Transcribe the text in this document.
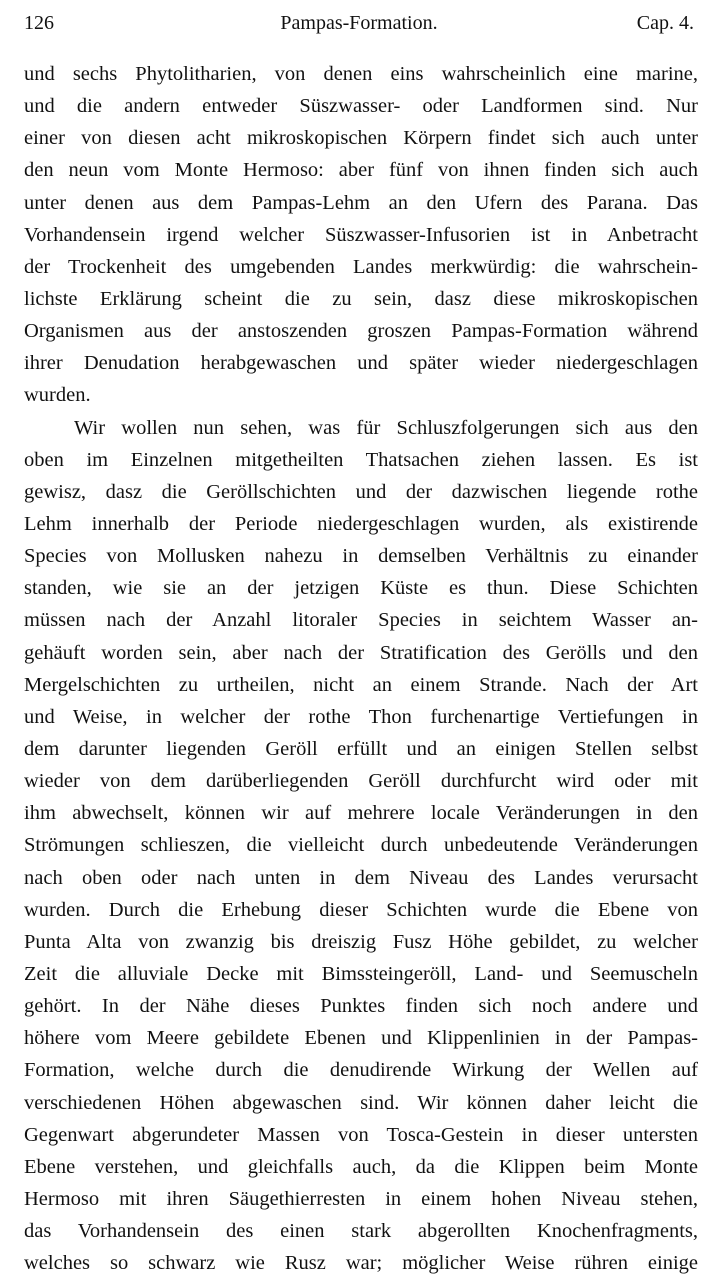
126	Pampas-Formation.	Cap. 4.
und sechs Phytolitharien, von denen eins wahrscheinlich eine marine,
und die andern entweder Süszwasser- oder Landformen sind. Nur
einer von diesen acht mikroskopischen Körpern findet sich auch unter
den neun vom Monte Hermoso: aber fünf von ihnen finden sich auch
unter denen aus dem Pampas-Lehm an den Ufern des Parana. Das
Vorhandensein irgend welcher Süszwasser-Infusorien ist in Anbetracht
der Trockenheit des umgebenden Landes merkwürdig: die wahrschein-
lichste Erklärung scheint die zu sein, dasz diese mikroskopischen
Organismen aus der anstoszenden groszen Pampas-Formation während
ihrer Denudation herabgewaschen und später wieder niedergeschlagen
wurden.
Wir wollen nun sehen, was für Schluszfolgerungen sich aus den
oben im Einzelnen mitgetheilten Thatsachen ziehen lassen. Es ist
gewisz, dasz die Geröllschichten und der dazwischen liegende rothe
Lehm innerhalb der Periode niedergeschlagen wurden, als existirende
Species von Mollusken nahezu in demselben Verhältnis zu einander
standen, wie sie an der jetzigen Küste es thun. Diese Schichten
müssen nach der Anzahl litoraler Species in seichtem Wasser an-
gehäuft worden sein, aber nach der Stratification des Gerölls und den
Mergelschichten zu urtheilen, nicht an einem Strande. Nach der Art
und Weise, in welcher der rothe Thon furchenartige Vertiefungen in
dem darunter liegenden Geröll erfüllt und an einigen Stellen selbst
wieder von dem darüberliegenden Geröll durchfurcht wird oder mit
ihm abwechselt, können wir auf mehrere locale Veränderungen in den
Strömungen schlieszen, die vielleicht durch unbedeutende Veränderungen
nach oben oder nach unten in dem Niveau des Landes verursacht
wurden. Durch die Erhebung dieser Schichten wurde die Ebene von
Punta Alta von zwanzig bis dreiszig Fusz Höhe gebildet, zu welcher
Zeit die alluviale Decke mit Bimssteingeröll, Land- und Seemuscheln
gehört. In der Nähe dieses Punktes finden sich noch andere und
höhere vom Meere gebildete Ebenen und Klippenlinien in der Pampas-
Formation, welche durch die denudirende Wirkung der Wellen auf
verschiedenen Höhen abgewaschen sind. Wir können daher leicht die
Gegenwart abgerundeter Massen von Tosca-Gestein in dieser untersten
Ebene verstehen, und gleichfalls auch, da die Klippen beim Monte
Hermoso mit ihren Säugethierresten in einem hohen Niveau stehen,
das Vorhandensein des einen stark abgerollten Knochenfragments,
welches so schwarz wie Rusz war; möglicher Weise rühren einige
